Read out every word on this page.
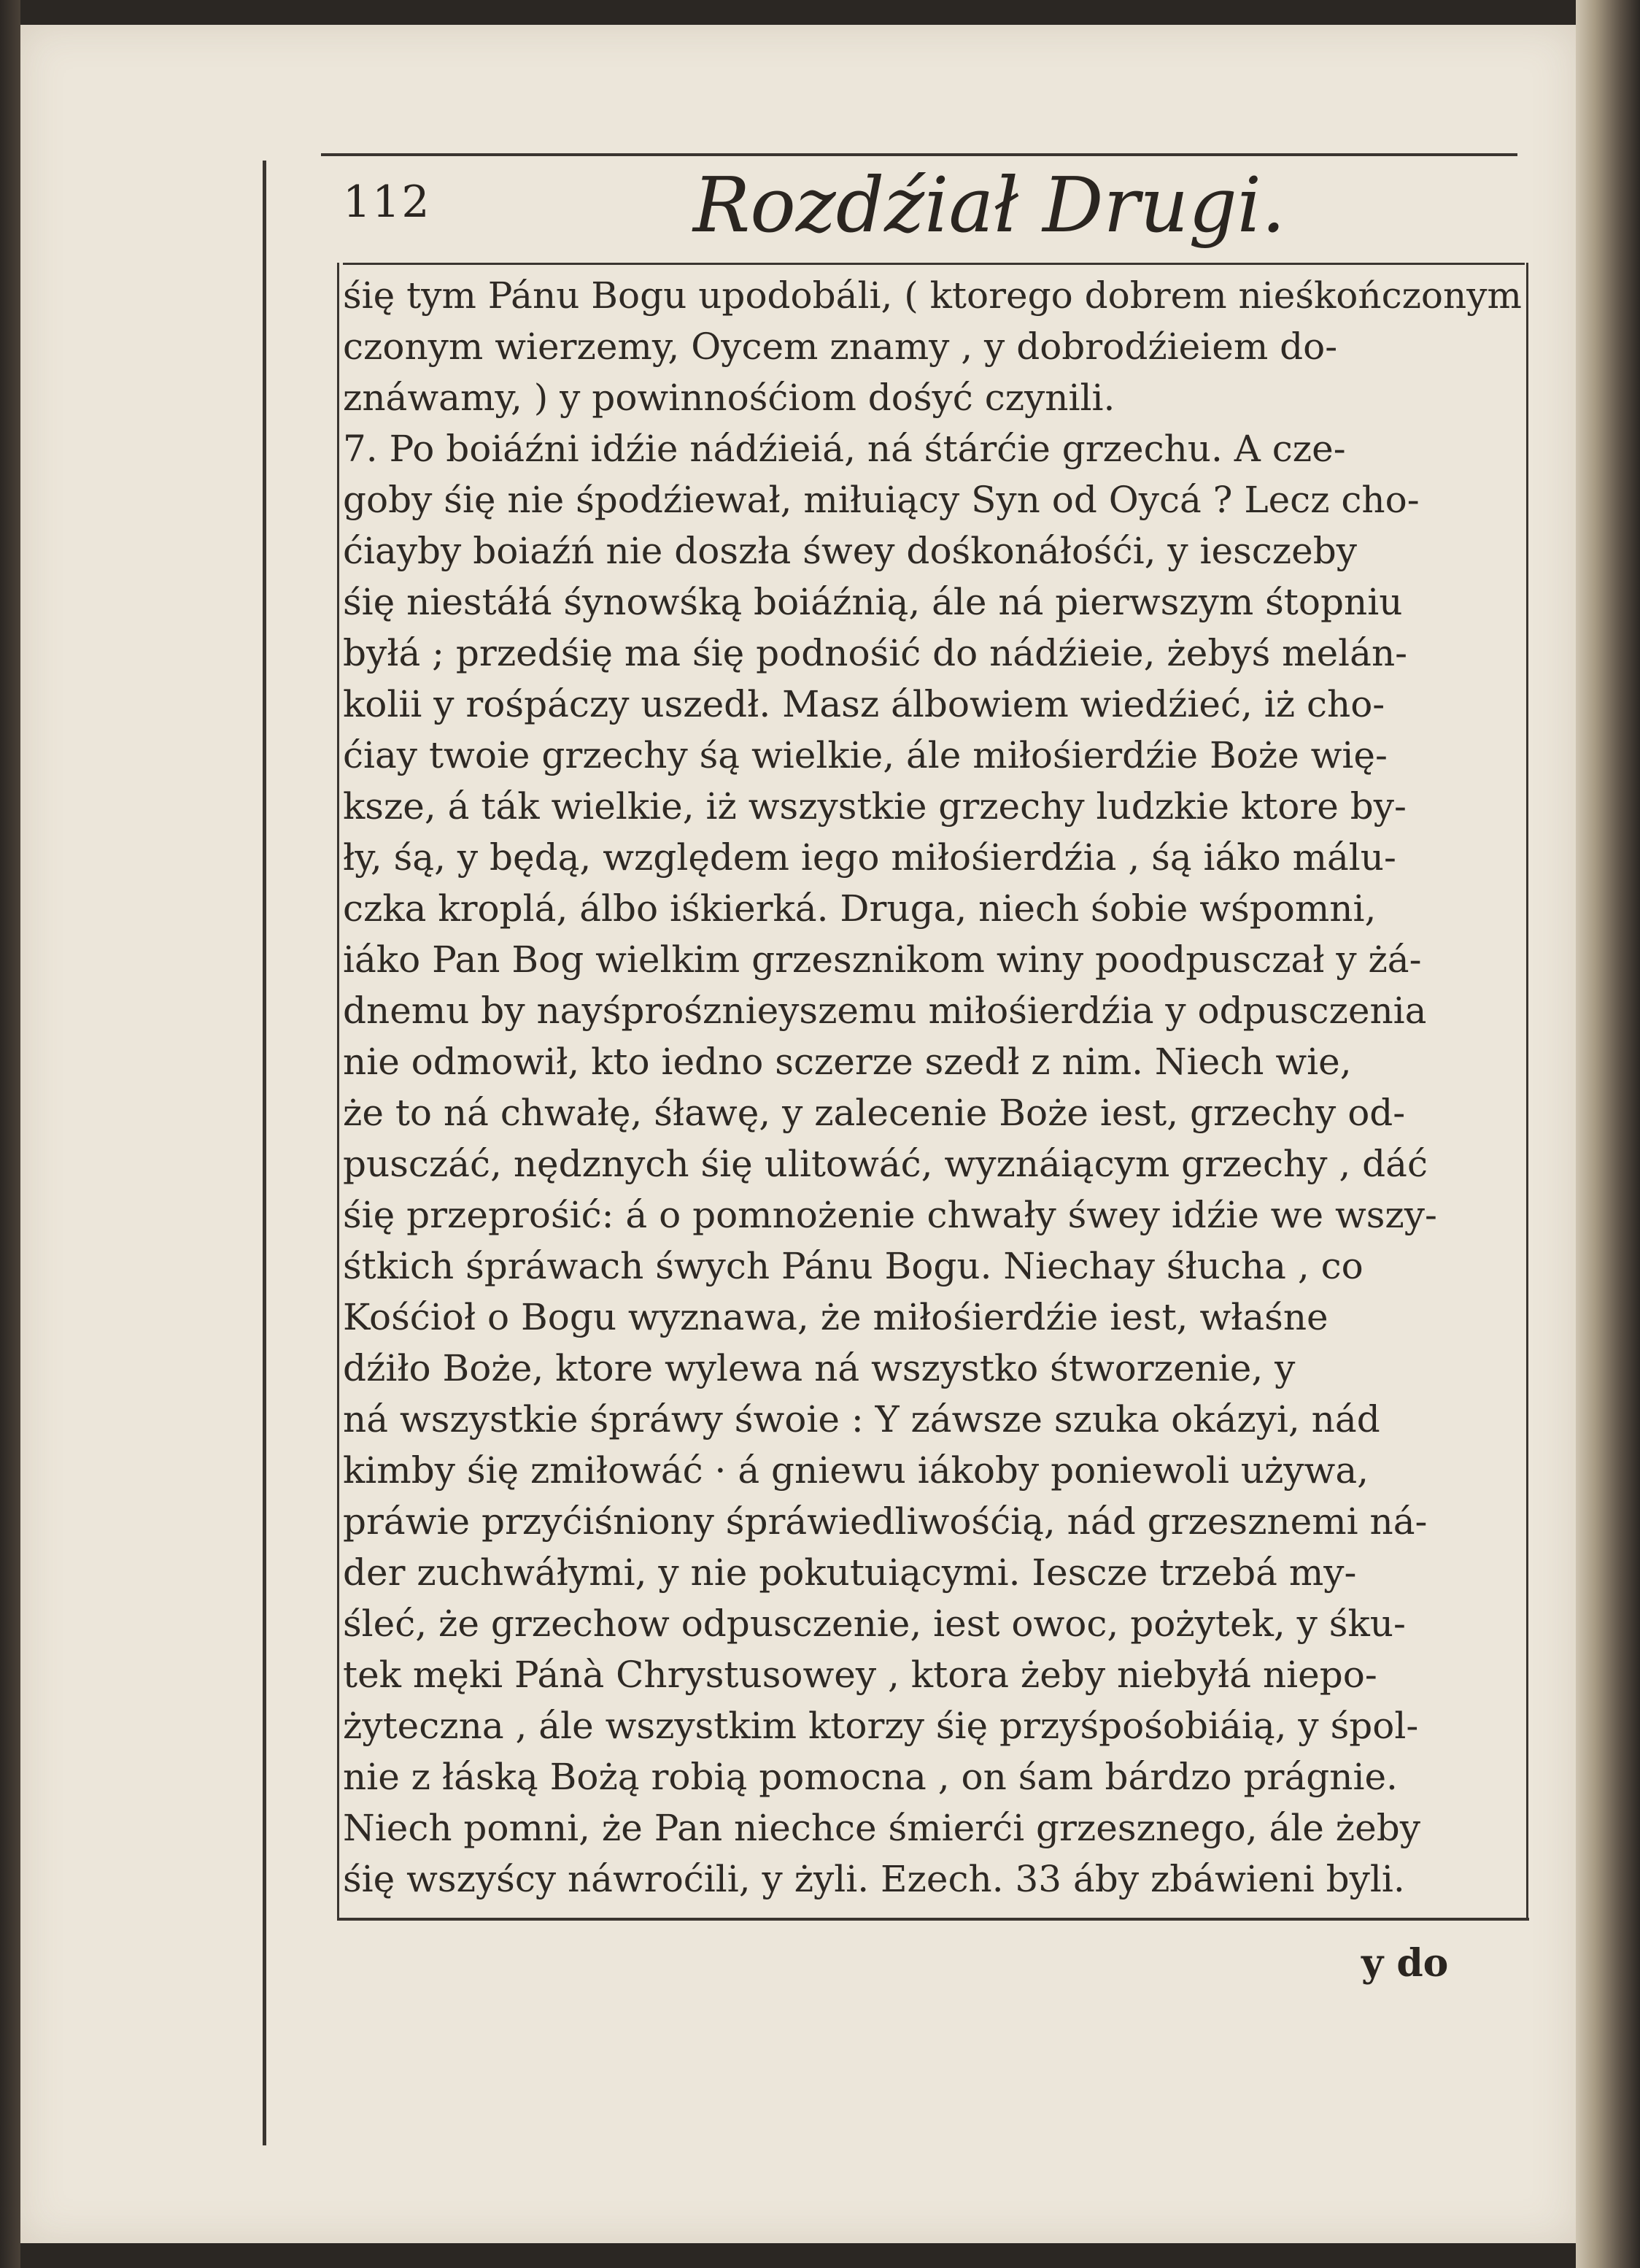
112	Rozdźiał Drugi.
śię tym Pánu Bogu upodobáli, ( ktorego dobrem nieśkończonym
czonym wierzemy, Oycem znamy , y dobrodźieiem do-
znáwamy, ) y powinnośćiom dośyć czynili.
7. Po boiáźni idźie nádźieiá, ná śtárćie grzechu. A cze-
goby śię nie śpodźiewał, miłuiący Syn od Oycá ? Lecz cho-
ćiayby boiaźń nie doszła śwey dośkonáłośći, y iesczeby
śię niestáłá śynowśką boiáźnią, ále ná pierwszym śtopniu
byłá ; przedśię ma śię podnośić do nádźieie, żebyś melán-
kolii y rośpáczy uszedł. Masz álbowiem wiedźieć, iż cho-
ćiay twoie grzechy śą wielkie, ále miłośierdźie Boże wię-
ksze, á ták wielkie, iż wszystkie grzechy ludzkie ktore by-
ły, śą, y będą, względem iego miłośierdźia , śą iáko málu-
czka kroplá, álbo iśkierká. Druga, niech śobie wśpomni,
iáko Pan Bog wielkim grzesznikom winy poodpusczał y żá-
dnemu by nayśprośznieyszemu miłośierdźia y odpusczenia
nie odmowił, kto iedno sczerze szedł z nim. Niech wie,
że to ná chwałę, śławę, y zalecenie Boże iest, grzechy od-
pusczáć, nędznych śię ulitowáć, wyznáiącym grzechy , dáć
śię przeprośić: á o pomnożenie chwały śwey idźie we wszy-
śtkich śpráwach śwych Pánu Bogu. Niechay śłucha , co
Kośćioł o Bogu wyznawa, że miłośierdźie iest, właśne
dźiło Boże, ktore wylewa ná wszystko śtworzenie, y
ná wszystkie śpráwy śwoie : Y záwsze szuka okázyi, nád
kimby śię zmiłowáć · á gniewu iákoby poniewoli używa,
práwie przyćiśniony śpráwiedliwośćią, nád grzesznemi ná-
der zuchwáłymi, y nie pokutuiącymi. Iescze trzebá my-
śleć, że grzechow odpusczenie, iest owoc, pożytek, y śku-
tek męki Pánà Chrystusowey , ktora żeby niebyłá niepo-
żyteczna , ále wszystkim ktorzy śię przyśpośobiáią, y śpol-
nie z łáską Bożą robią pomocna , on śam bárdzo prágnie.
Niech pomni, że Pan niechce śmierći grzesznego, ále żeby
śię wszyścy náwroćili, y żyli. Ezech. 33 áby zbáwieni byli.
y do
